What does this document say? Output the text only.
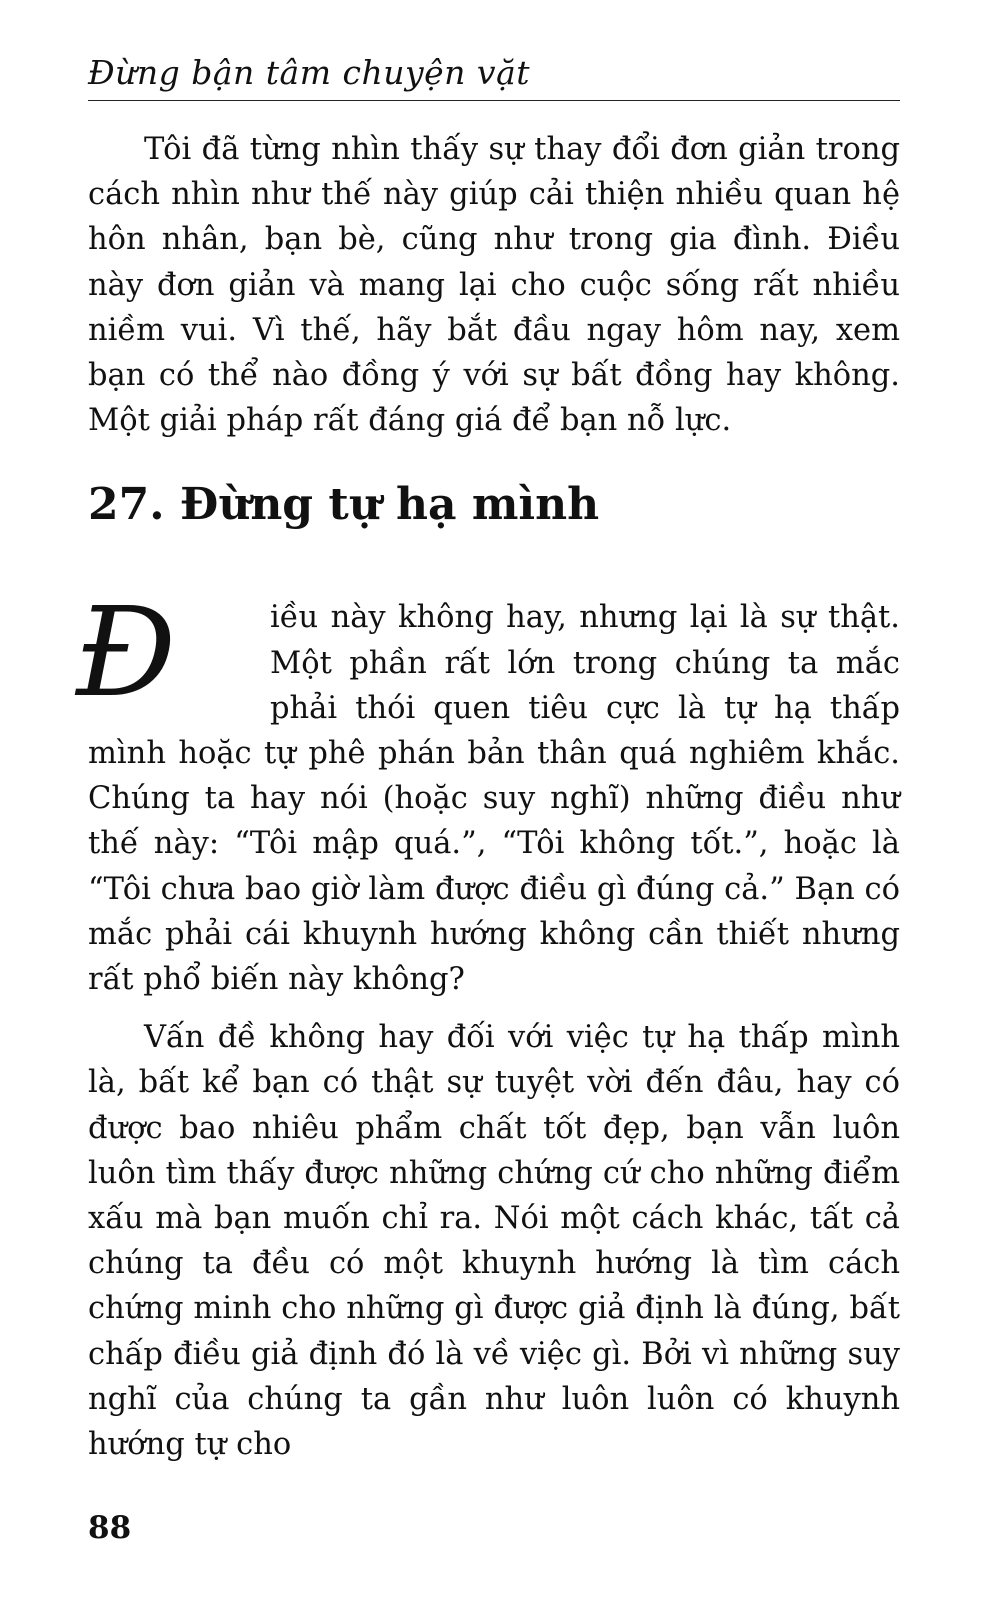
Đừng bận tâm chuyện vặt

Tôi đã từng nhìn thấy sự thay đổi đơn giản trong cách nhìn như thế này giúp cải thiện nhiều quan hệ hôn nhân, bạn bè, cũng như trong gia đình. Điều này đơn giản và mang lại cho cuộc sống rất nhiều niềm vui. Vì thế, hãy bắt đầu ngay hôm nay, xem bạn có thể nào đồng ý với sự bất đồng hay không. Một giải pháp rất đáng giá để bạn nỗ lực.

27. Đừng tự hạ mình

Đ	iều này không hay, nhưng lại là sự thật. Một phần rất lớn trong chúng ta mắc phải thói quen tiêu cực là tự hạ thấp mình hoặc tự phê phán bản thân quá nghiêm khắc. Chúng ta hay nói (hoặc suy nghĩ) những điều như thế này: “Tôi mập quá.”, “Tôi không tốt.”, hoặc là “Tôi chưa bao giờ làm được điều gì đúng cả.” Bạn có mắc phải cái khuynh hướng không cần thiết nhưng rất phổ biến này không?

Vấn đề không hay đối với việc tự hạ thấp mình là, bất kể bạn có thật sự tuyệt vời đến đâu, hay có được bao nhiêu phẩm chất tốt đẹp, bạn vẫn luôn luôn tìm thấy được những chứng cứ cho những điểm xấu mà bạn muốn chỉ ra. Nói một cách khác, tất cả chúng ta đều có một khuynh hướng là tìm cách chứng minh cho những gì được giả định là đúng, bất chấp điều giả định đó là về việc gì. Bởi vì những suy nghĩ của chúng ta gần như luôn luôn có khuynh hướng tự cho

88
